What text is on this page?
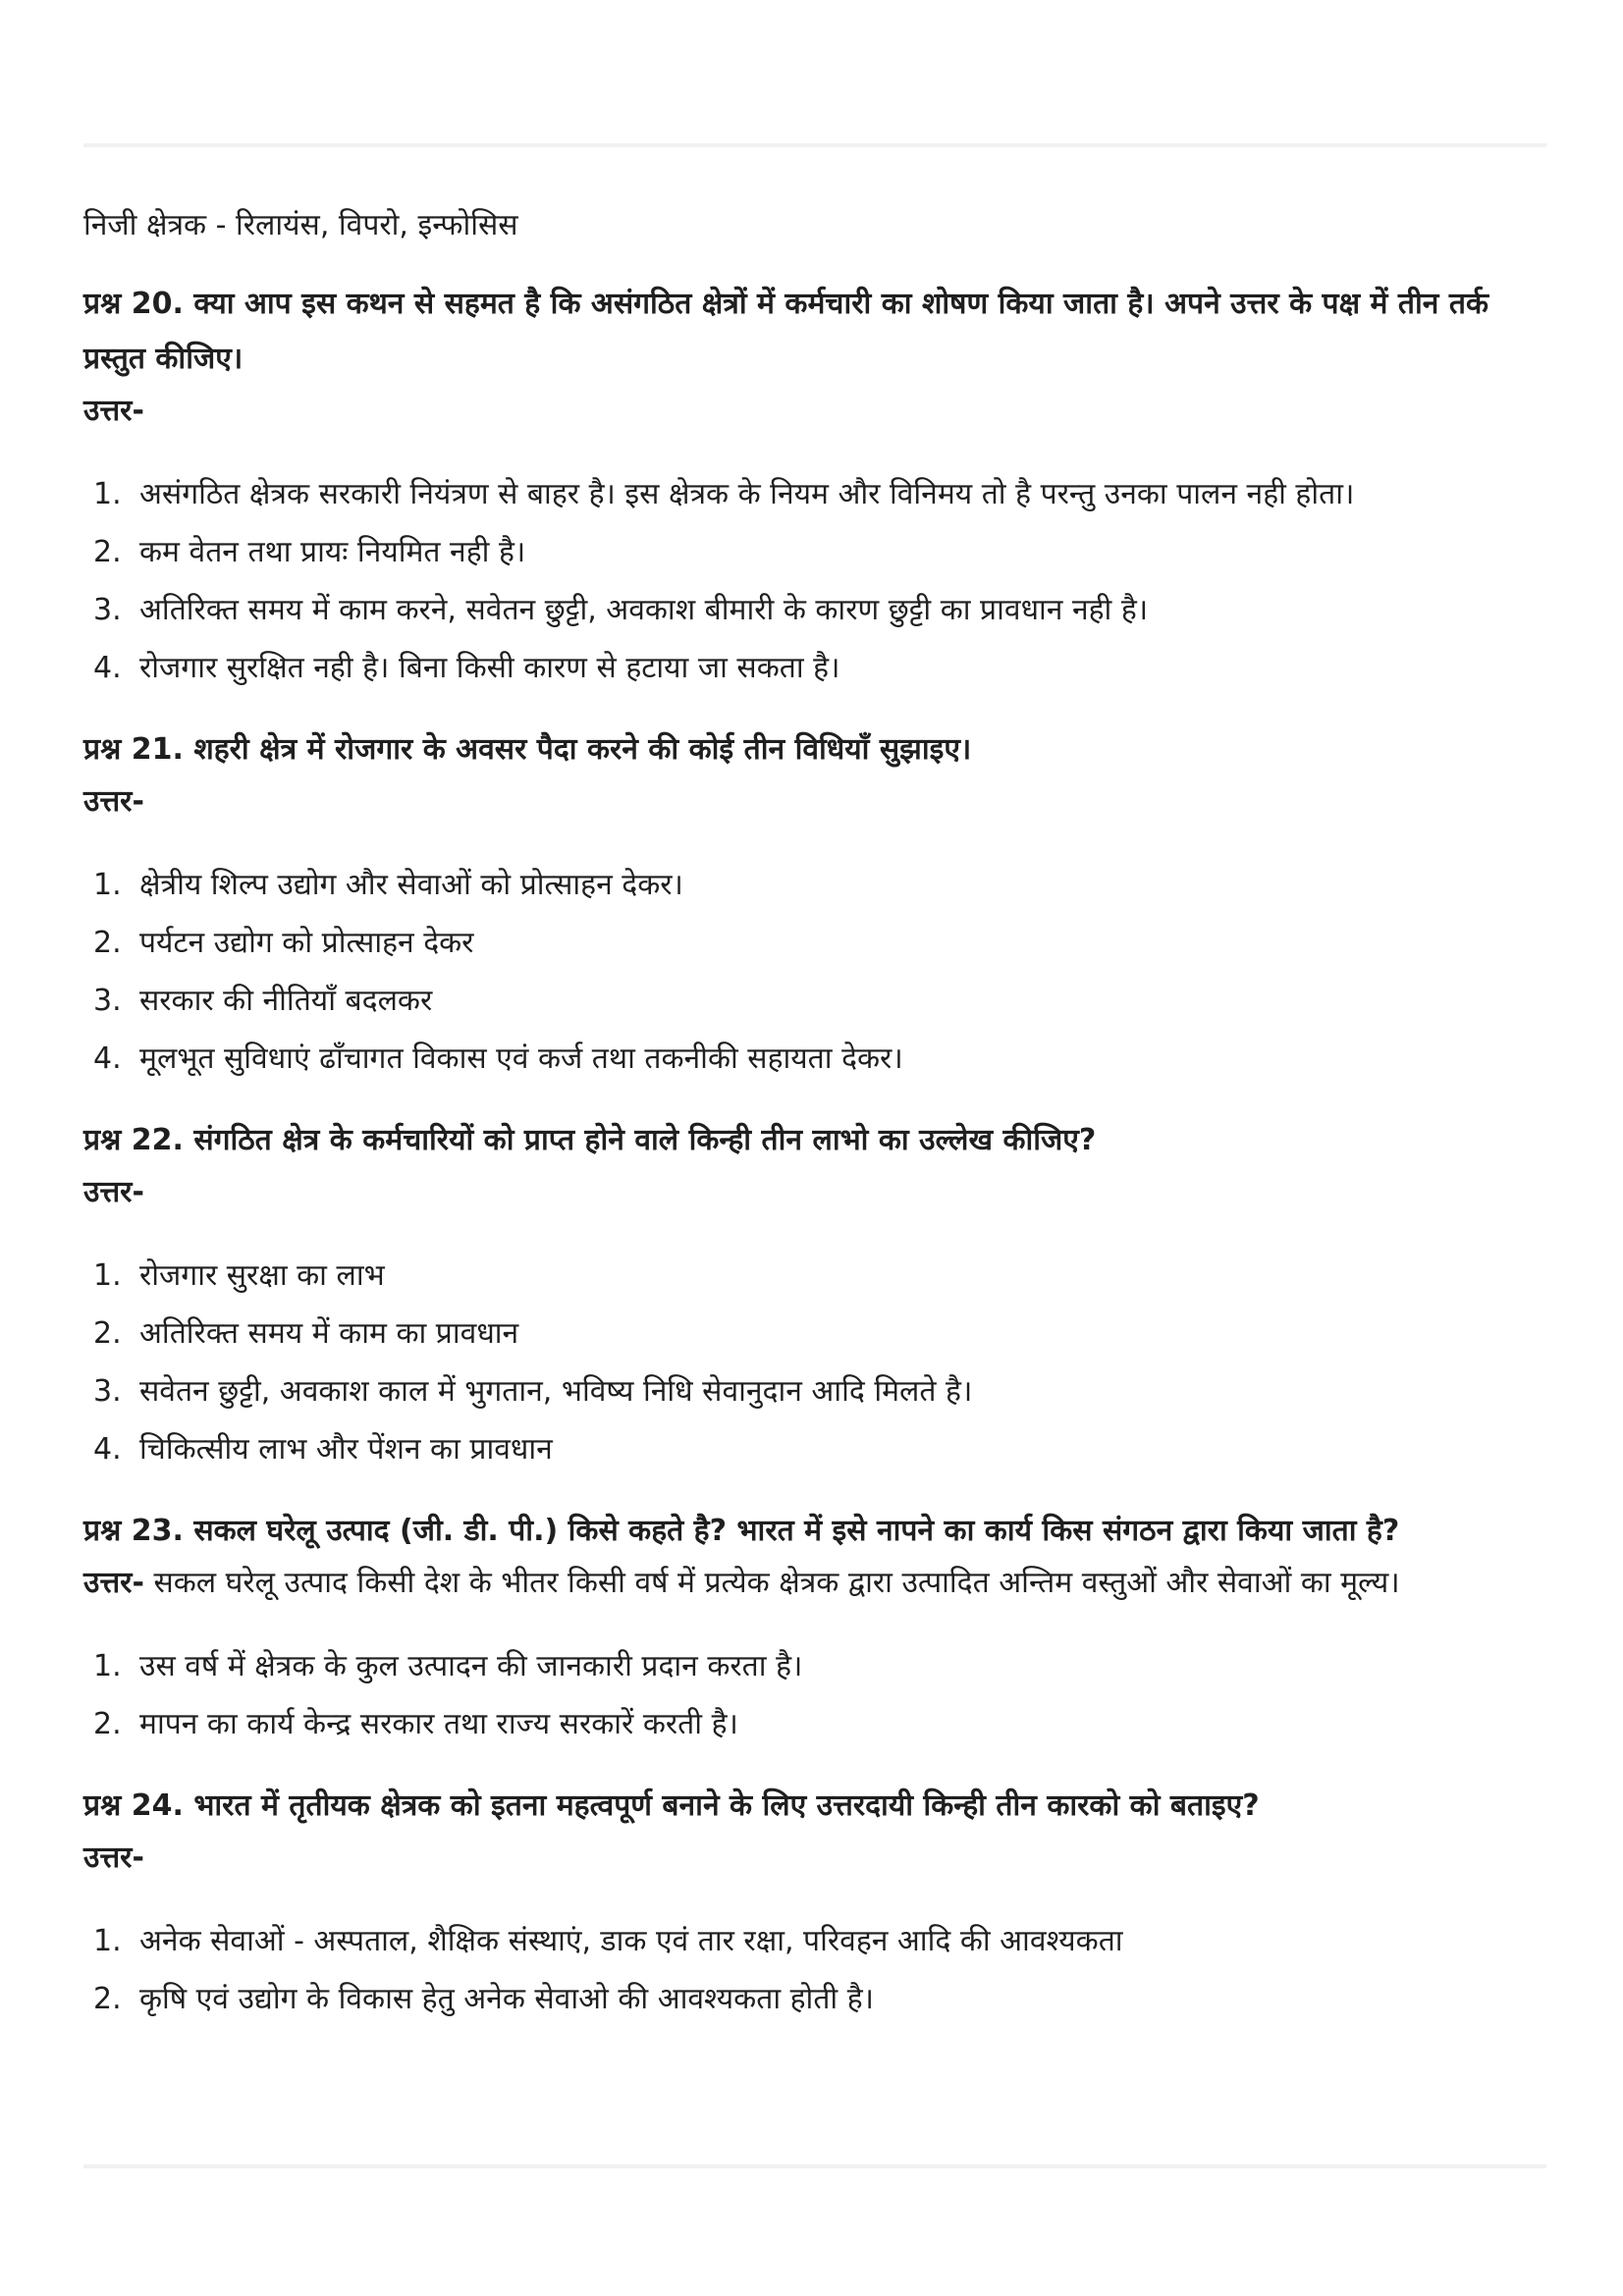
निजी क्षेत्रक - रिलायंस, विपरो, इन्फोसिस

प्रश्न 20. क्या आप इस कथन से सहमत है कि असंगठित क्षेत्रों में कर्मचारी का शोषण किया जाता है। अपने उत्तर के पक्ष में तीन तर्क प्रस्तुत कीजिए।

उत्तर-

1. असंगठित क्षेत्रक सरकारी नियंत्रण से बाहर है। इस क्षेत्रक के नियम और विनिमय तो है परन्तु उनका पालन नही होता।
2. कम वेतन तथा प्रायः नियमित नही है।
3. अतिरिक्त समय में काम करने, सवेतन छुट्टी, अवकाश बीमारी के कारण छुट्टी का प्रावधान नही है।
4. रोजगार सुरक्षित नही है। बिना किसी कारण से हटाया जा सकता है।

प्रश्न 21. शहरी क्षेत्र में रोजगार के अवसर पैदा करने की कोई तीन विधियाँ सुझाइए।

उत्तर-

1. क्षेत्रीय शिल्प उद्योग और सेवाओं को प्रोत्साहन देकर।
2. पर्यटन उद्योग को प्रोत्साहन देकर
3. सरकार की नीतियाँ बदलकर
4. मूलभूत सुविधाएं ढाँचागत विकास एवं कर्ज तथा तकनीकी सहायता देकर।

प्रश्न 22. संगठित क्षेत्र के कर्मचारियों को प्राप्त होने वाले किन्ही तीन लाभो का उल्लेख कीजिए?

उत्तर-

1. रोजगार सुरक्षा का लाभ
2. अतिरिक्त समय में काम का प्रावधान
3. सवेतन छुट्टी, अवकाश काल में भुगतान, भविष्य निधि सेवानुदान आदि मिलते है।
4. चिकित्सीय लाभ और पेंशन का प्रावधान

प्रश्न 23. सकल घरेलू उत्पाद (जी. डी. पी.) किसे कहते है? भारत में इसे नापने का कार्य किस संगठन द्वारा किया जाता है?

उत्तर- सकल घरेलू उत्पाद किसी देश के भीतर किसी वर्ष में प्रत्येक क्षेत्रक द्वारा उत्पादित अन्तिम वस्तुओं और सेवाओं का मूल्य।

1. उस वर्ष में क्षेत्रक के कुल उत्पादन की जानकारी प्रदान करता है।
2. मापन का कार्य केन्द्र सरकार तथा राज्य सरकारें करती है।

प्रश्न 24. भारत में तृतीयक क्षेत्रक को इतना महत्वपूर्ण बनाने के लिए उत्तरदायी किन्ही तीन कारको को बताइए?

उत्तर-

1. अनेक सेवाओं - अस्पताल, शैक्षिक संस्थाएं, डाक एवं तार रक्षा, परिवहन आदि की आवश्यकता
2. कृषि एवं उद्योग के विकास हेतु अनेक सेवाओ की आवश्यकता होती है।
